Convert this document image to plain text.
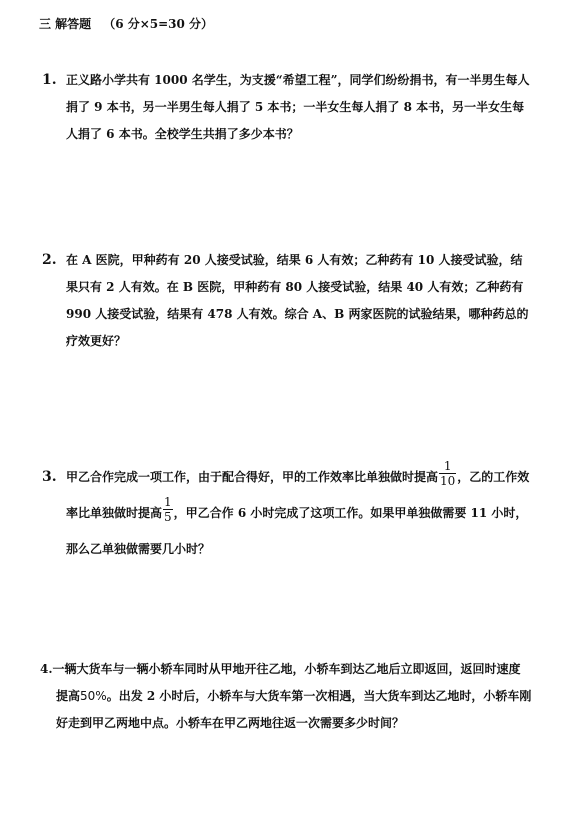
三 解答题 （6 分×5=30 分）
1. 正义路小学共有 1000 名学生，为支援“希望工程”，同学们纷纷捐书，有一半男生每人捐了 9 本书，另一半男生每人捐了 5 本书；一半女生每人捐了 8 本书，另一半女生每人捐了 6 本书。全校学生共捐了多少本书？
2. 在 A 医院，甲种药有 20 人接受试验，结果 6 人有效；乙种药有 10 人接受试验，结果只有 2 人有效。在 B 医院，甲种药有 80 人接受试验，结果 40 人有效；乙种药有 990 人接受试验，结果有 478 人有效。综合 A、B 两家医院的试验结果，哪种药总的疗效更好？
3. 甲乙合作完成一项工作，由于配合得好，甲的工作效率比单独做时提高 $\frac{1}{10}$ ，乙的工作效率比单独做时提高 $\frac{1}{5}$ ，甲乙合作 6 小时完成了这项工作。如果甲单独做需要 11 小时，那么乙单独做需要几小时？
4.一辆大货车与一辆小轿车同时从甲地开往乙地，小轿车到达乙地后立即返回，返回时速度
提高50%。出发 2 小时后，小轿车与大货车第一次相遇，当大货车到达乙地时，小轿车刚好走到甲乙两地中点。小轿车在甲乙两地往返一次需要多少时间？
